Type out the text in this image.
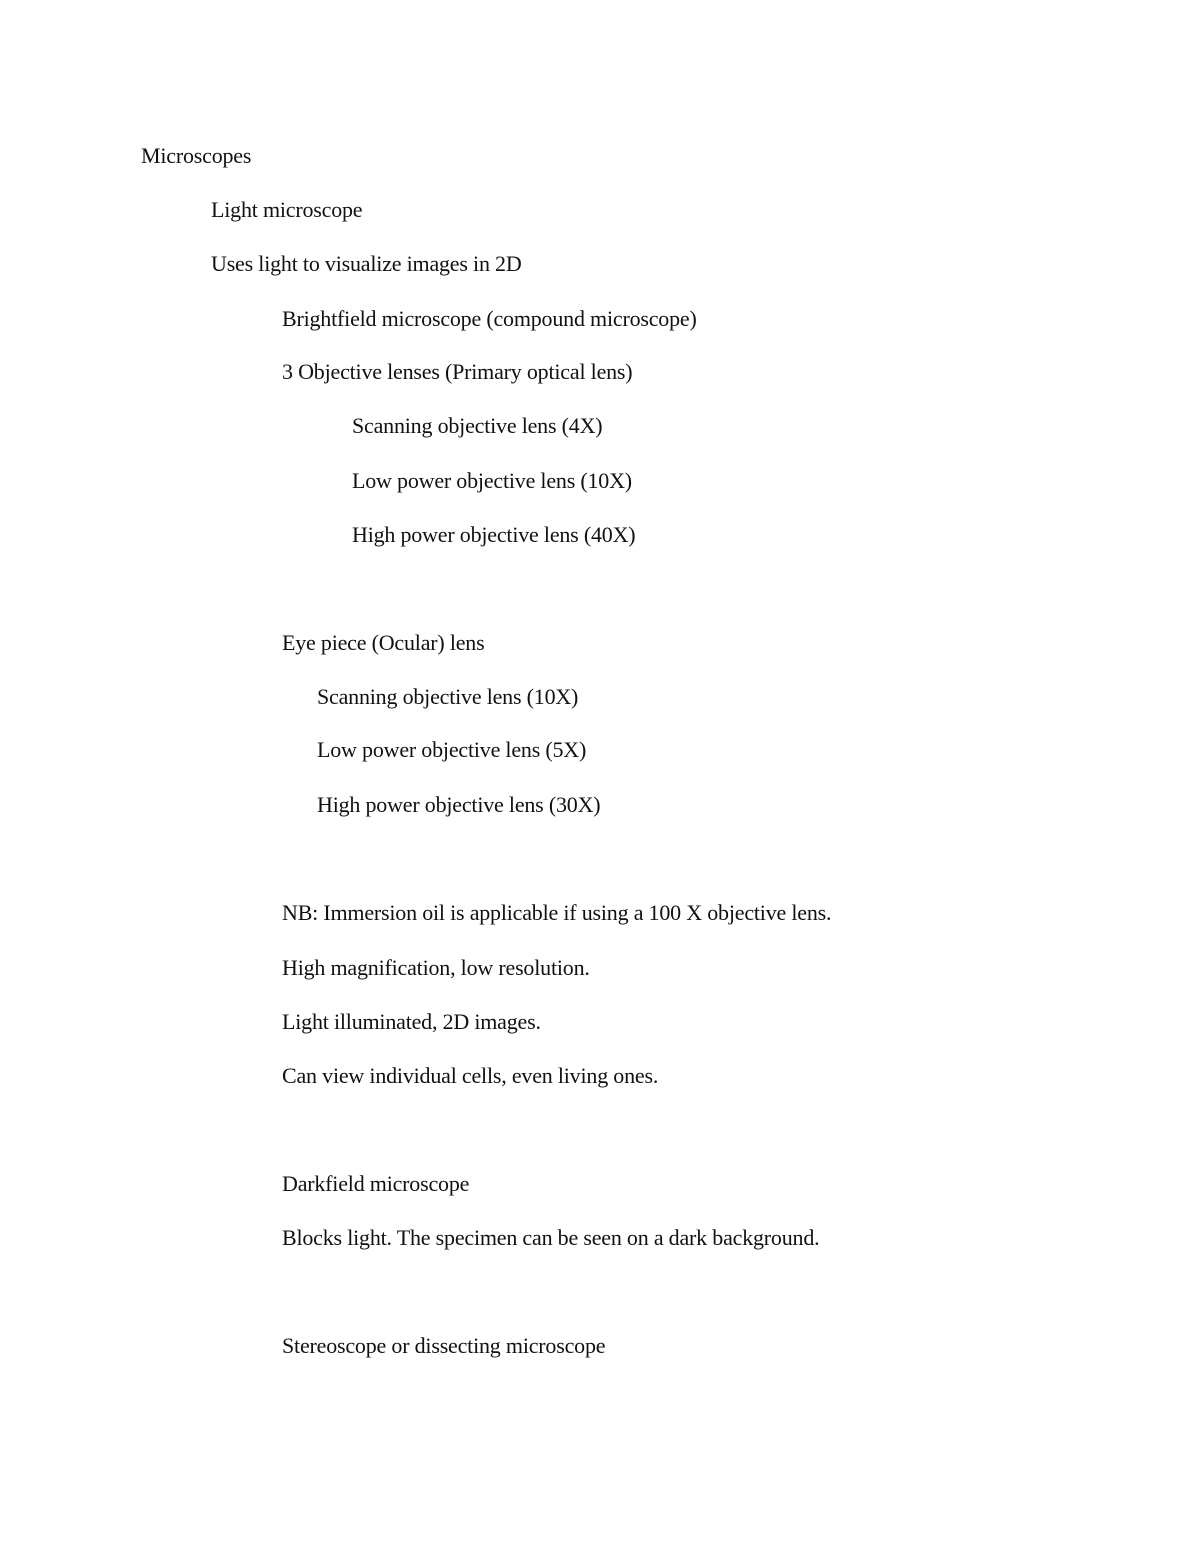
Microscopes
Light microscope
Uses light to visualize images in 2D
Brightfield microscope (compound microscope)
3 Objective lenses (Primary optical lens)
Scanning objective lens (4X)
Low power objective lens (10X)
High power objective lens (40X)
Eye piece (Ocular) lens
Scanning objective lens (10X)
Low power objective lens (5X)
High power objective lens (30X)
NB: Immersion oil is applicable if using a 100 X objective lens.
High magnification, low resolution.
Light illuminated, 2D images.
Can view individual cells, even living ones.
Darkfield microscope
Blocks light. The specimen can be seen on a dark background.
Stereoscope or dissecting microscope
